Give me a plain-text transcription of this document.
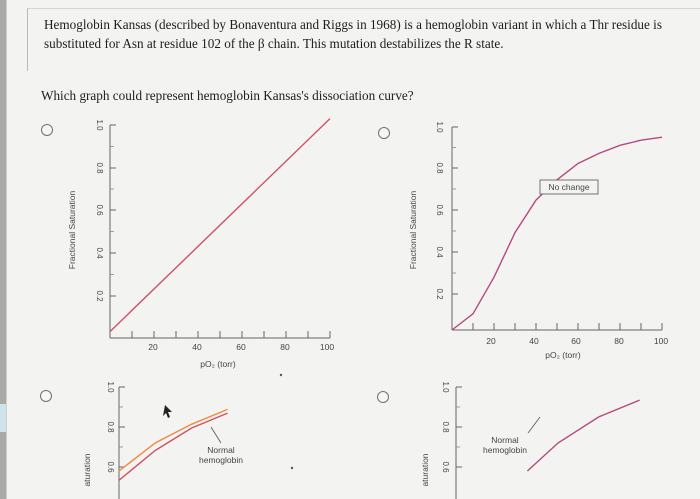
Hemoglobin Kansas (described by Bonaventura and Riggs in 1968) is a hemoglobin variant in which a Thr residue is substituted for Asn at residue 102 of the β chain. This mutation destabilizes the R state.
Which graph could represent hemoglobin Kansas's dissociation curve?
20	40	60	80	100
1.0
0.8
0.6
0.4
0.2
Fractional Saturation
pO₂ (torr)
20	40	60	80	100
1.0
0.8
0.6
0.4
0.2
Fractional Saturation
pO₂ (torr)
No change
1.0
0.8
0.6
aturation
Normal
hemoglobin
1.0
0.8
0.6
aturation
Normal
hemoglobin
